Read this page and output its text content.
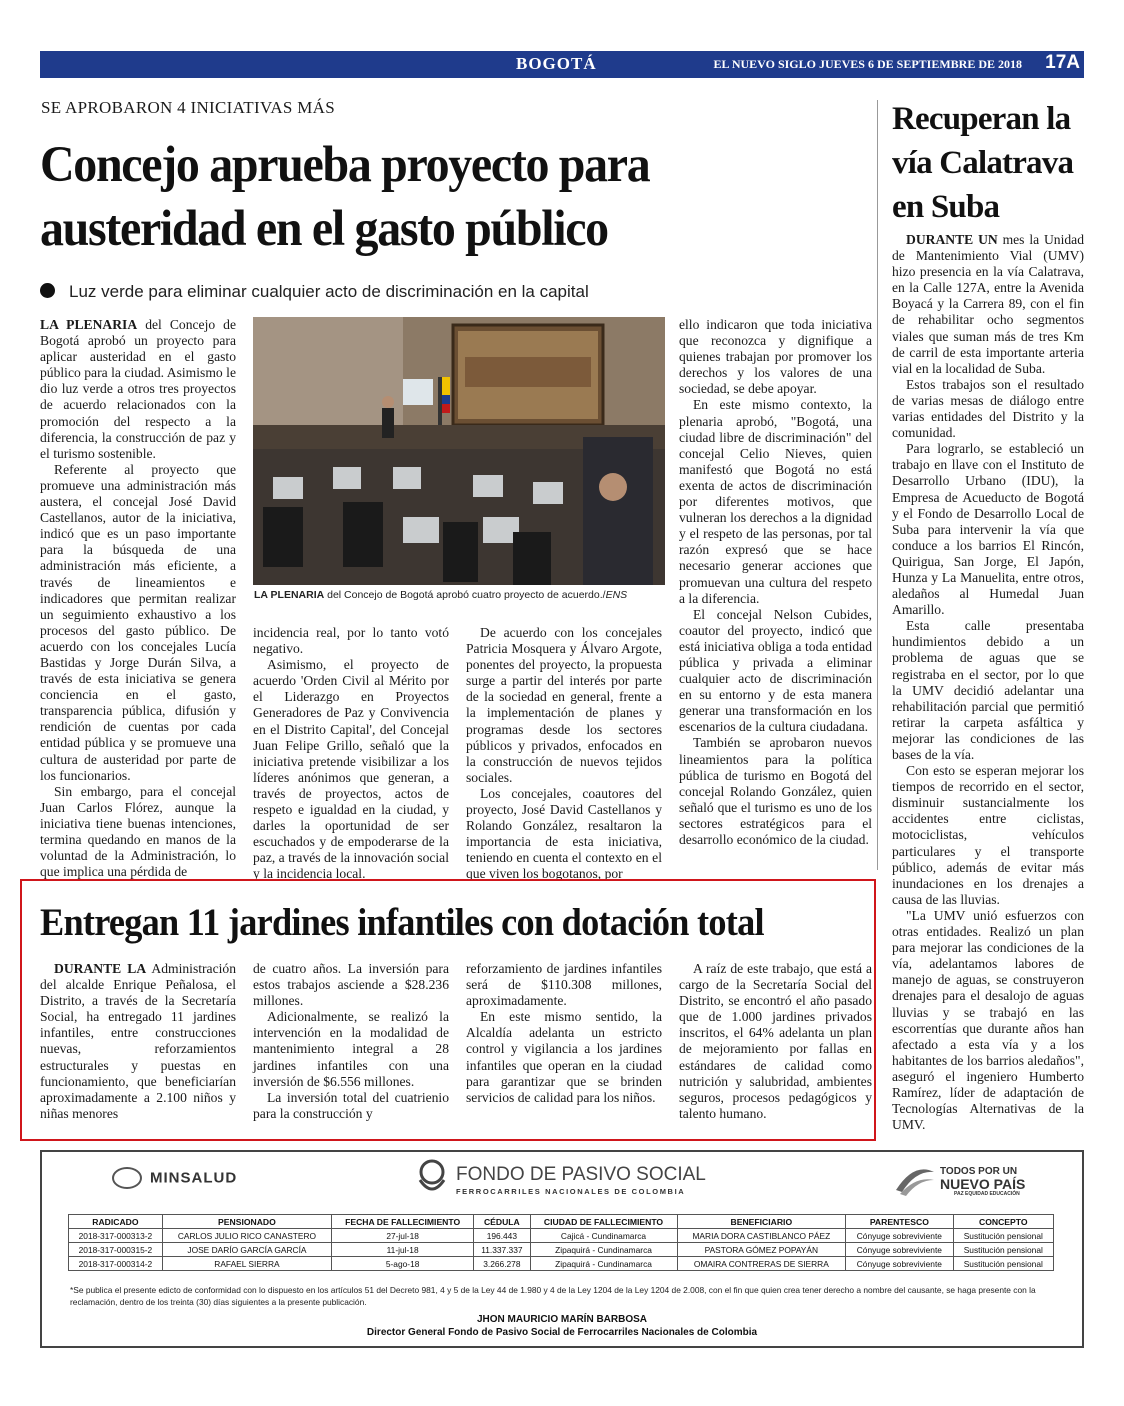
BOGOTÁ	EL NUEVO SIGLO JUEVES 6 DE SEPTIEMBRE DE 2018 17A
SE APROBARON 4 INICIATIVAS MÁS
Concejo aprueba proyecto para austeridad en el gasto público
Luz verde para eliminar cualquier acto de discriminación en la capital

LA PLENARIA del Concejo de Bogotá aprobó un proyecto para aplicar austeridad en el gasto público para la ciudad. Asimismo le dio luz verde a otros tres proyectos de acuerdo relacionados con la promoción del respecto a la diferencia, la construcción de paz y el turismo sostenible.

Referente al proyecto que promueve una administración más austera, el concejal José David Castellanos, autor de la iniciativa, indicó que es un paso importante para la búsqueda de una administración más eficiente, a través de lineamientos e indicadores que permitan realizar un seguimiento exhaustivo a los procesos del gasto público. De acuerdo con los concejales Lucía Bastidas y Jorge Durán Silva, a través de esta iniciativa se genera conciencia en el gasto, transparencia pública, difusión y rendición de cuentas por cada entidad pública y se promueve una cultura de austeridad por parte de los funcionarios.

Sin embargo, para el concejal Juan Carlos Flórez, aunque la iniciativa tiene buenas intenciones, termina quedando en manos de la voluntad de la Administración, lo que implica una pérdida de

LA PLENARIA del Concejo de Bogotá aprobó cuatro proyecto de acuerdo./ENS

incidencia real, por lo tanto votó negativo.

Asimismo, el proyecto de acuerdo 'Orden Civil al Mérito por el Liderazgo en Proyectos Generadores de Paz y Convivencia en el Distrito Capital', del Concejal Juan Felipe Grillo, señaló que la iniciativa pretende visibilizar a los líderes anónimos que generan, a través de proyectos, actos de respeto e igualdad en la ciudad, y darles la oportunidad de ser escuchados y de empoderarse de la paz, a través de la innovación social y la incidencia local.

De acuerdo con los concejales Patricia Mosquera y Álvaro Argote, ponentes del proyecto, la propuesta surge a partir del interés por parte de la sociedad en general, frente a la implementación de planes y programas desde los sectores públicos y privados, enfocados en la construcción de nuevos tejidos sociales.

Los concejales, coautores del proyecto, José David Castellanos y Rolando González, resaltaron la importancia de esta iniciativa, teniendo en cuenta el contexto en el que viven los bogotanos, por

ello indicaron que toda iniciativa que reconozca y dignifique a quienes trabajan por promover los derechos y los valores de una sociedad, se debe apoyar.

En este mismo contexto, la plenaria aprobó, "Bogotá, una ciudad libre de discriminación" del concejal Celio Nieves, quien manifestó que Bogotá no está exenta de actos de discriminación por diferentes motivos, que vulneran los derechos a la dignidad y el respeto de las personas, por tal razón expresó que se hace necesario generar acciones que promuevan una cultura del respeto a la diferencia.

El concejal Nelson Cubides, coautor del proyecto, indicó que está iniciativa obliga a toda entidad pública y privada a eliminar cualquier acto de discriminación en su entorno y de esta manera generar una transformación en los escenarios de la cultura ciudadana.

También se aprobaron nuevos lineamientos para la política pública de turismo en Bogotá del concejal Rolando González, quien señaló que el turismo es uno de los sectores estratégicos para el desarrollo económico de la ciudad.

Recuperan la vía Calatrava en Suba

DURANTE UN mes la Unidad de Mantenimiento Vial (UMV) hizo presencia en la vía Calatrava, en la Calle 127A, entre la Avenida Boyacá y la Carrera 89, con el fin de rehabilitar ocho segmentos viales que suman más de tres Km de carril de esta importante arteria vial en la localidad de Suba.

Estos trabajos son el resultado de varias mesas de diálogo entre varias entidades del Distrito y la comunidad.

Para lograrlo, se estableció un trabajo en llave con el Instituto de Desarrollo Urbano (IDU), la Empresa de Acueducto de Bogotá y el Fondo de Desarrollo Local de Suba para intervenir la vía que conduce a los barrios El Rincón, Quirigua, San Jorge, El Japón, Hunza y La Manuelita, entre otros, aledaños al Humedal Juan Amarillo.

Esta calle presentaba hundimientos debido a un problema de aguas que se registraba en el sector, por lo que la UMV decidió adelantar una rehabilitación parcial que permitió retirar la carpeta asfáltica y mejorar las condiciones de las bases de la vía.

Con esto se esperan mejorar los tiempos de recorrido en el sector, disminuir sustancialmente los accidentes entre ciclistas, motociclistas, vehículos particulares y el transporte público, además de evitar más inundaciones en los drenajes a causa de las lluvias.

"La UMV unió esfuerzos con otras entidades. Realizó un plan para mejorar las condiciones de la vía, adelantamos labores de manejo de aguas, se construyeron drenajes para el desalojo de aguas lluvias y se trabajó en las escorrentías que durante años han afectado a esta vía y a los habitantes de los barrios aledaños", aseguró el ingeniero Humberto Ramírez, líder de adaptación de Tecnologías Alternativas de la UMV.

Entregan 11 jardines infantiles con dotación total

DURANTE LA Administración del alcalde Enrique Peñalosa, el Distrito, a través de la Secretaría Social, ha entregado 11 jardines infantiles, entre construcciones nuevas, reforzamientos estructurales y puestas en funcionamiento, que beneficiarían aproximadamente a 2.100 niños y niñas menores

de cuatro años. La inversión para estos trabajos asciende a $28.236 millones.

Adicionalmente, se realizó la intervención en la modalidad de mantenimiento integral a 28 jardines infantiles con una inversión de $6.556 millones.

La inversión total del cuatrienio para la construcción y

reforzamiento de jardines infantiles será de $110.308 millones, aproximadamente.

En este mismo sentido, la Alcaldía adelanta un estricto control y vigilancia a los jardines infantiles que operan en la ciudad para garantizar que se brinden servicios de calidad para los niños.

A raíz de este trabajo, que está a cargo de la Secretaría Social del Distrito, se encontró el año pasado que de 1.000 jardines privados inscritos, el 64% adelanta un plan de mejoramiento por fallas en estándares de calidad como nutrición y salubridad, ambientes seguros, procesos pedagógicos y talento humano.

MINSALUD	FONDO DE PASIVO SOCIAL
FERROCARRILES NACIONALES DE COLOMBIA
TODOS POR UN
NUEVO PAÍS
PAZ EQUIDAD EDUCACIÓN
RADICADO	PENSIONADO	FECHA DE FALLECIMIENTO	CÉDULA	CIUDAD DE FALLECIMIENTO	BENEFICIARIO	PARENTESCO	CONCEPTO
2018-317-000313-2	CARLOS JULIO RICO CANASTERO	27-jul-18	196.443	Cajicá - Cundinamarca	MARIA DORA CASTIBLANCO PÁEZ	Cónyuge sobreviviente	Sustitución pensional
2018-317-000315-2	JOSE DARÍO GARCÍA GARCÍA	11-jul-18	11.337.337	Zipaquirá - Cundinamarca	PASTORA GÓMEZ POPAYÁN	Cónyuge sobreviviente	Sustitución pensional
2018-317-000314-2	RAFAEL SIERRA	5-ago-18	3.266.278	Zipaquirá - Cundinamarca	OMAIRA CONTRERAS DE SIERRA	Cónyuge sobreviviente	Sustitución pensional
*Se publica el presente edicto de conformidad con lo dispuesto en los artículos 51 del Decreto 981, 4 y 5 de la Ley 44 de 1.980 y 4 de la Ley 1204 de la Ley 1204 de 2.008, con el fin que quien crea tener derecho a nombre del causante, se haga presente con la reclamación, dentro de los treinta (30) días siguientes a la presente publicación.
JHON MAURICIO MARÍN BARBOSA
Director General Fondo de Pasivo Social de Ferrocarriles Nacionales de Colombia
